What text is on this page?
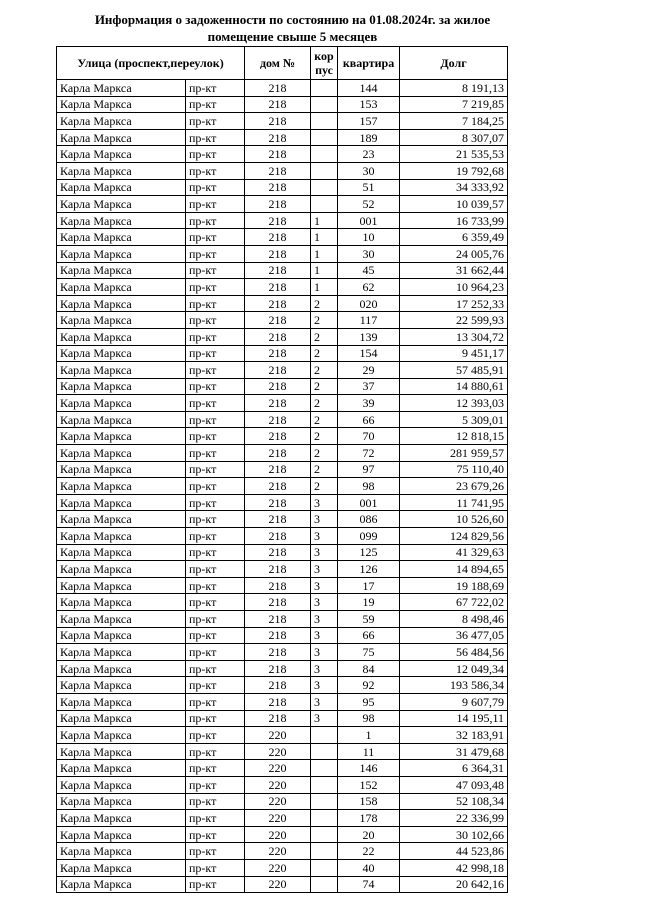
Информация о задоженности по состоянию на 01.08.2024г. за жилое
помещение свыше 5 месяцев
Улица (проспект,переулок)		дом №	кор
пус	квартира	Долг
Карла Маркса	пр-кт	218		144	8 191,13
Карла Маркса	пр-кт	218		153	7 219,85
Карла Маркса	пр-кт	218		157	7 184,25
Карла Маркса	пр-кт	218		189	8 307,07
Карла Маркса	пр-кт	218		23	21 535,53
Карла Маркса	пр-кт	218		30	19 792,68
Карла Маркса	пр-кт	218		51	34 333,92
Карла Маркса	пр-кт	218		52	10 039,57
Карла Маркса	пр-кт	218	1	001	16 733,99
Карла Маркса	пр-кт	218	1	10	6 359,49
Карла Маркса	пр-кт	218	1	30	24 005,76
Карла Маркса	пр-кт	218	1	45	31 662,44
Карла Маркса	пр-кт	218	1	62	10 964,23
Карла Маркса	пр-кт	218	2	020	17 252,33
Карла Маркса	пр-кт	218	2	117	22 599,93
Карла Маркса	пр-кт	218	2	139	13 304,72
Карла Маркса	пр-кт	218	2	154	9 451,17
Карла Маркса	пр-кт	218	2	29	57 485,91
Карла Маркса	пр-кт	218	2	37	14 880,61
Карла Маркса	пр-кт	218	2	39	12 393,03
Карла Маркса	пр-кт	218	2	66	5 309,01
Карла Маркса	пр-кт	218	2	70	12 818,15
Карла Маркса	пр-кт	218	2	72	281 959,57
Карла Маркса	пр-кт	218	2	97	75 110,40
Карла Маркса	пр-кт	218	2	98	23 679,26
Карла Маркса	пр-кт	218	3	001	11 741,95
Карла Маркса	пр-кт	218	3	086	10 526,60
Карла Маркса	пр-кт	218	3	099	124 829,56
Карла Маркса	пр-кт	218	3	125	41 329,63
Карла Маркса	пр-кт	218	3	126	14 894,65
Карла Маркса	пр-кт	218	3	17	19 188,69
Карла Маркса	пр-кт	218	3	19	67 722,02
Карла Маркса	пр-кт	218	3	59	8 498,46
Карла Маркса	пр-кт	218	3	66	36 477,05
Карла Маркса	пр-кт	218	3	75	56 484,56
Карла Маркса	пр-кт	218	3	84	12 049,34
Карла Маркса	пр-кт	218	3	92	193 586,34
Карла Маркса	пр-кт	218	3	95	9 607,79
Карла Маркса	пр-кт	218	3	98	14 195,11
Карла Маркса	пр-кт	220		1	32 183,91
Карла Маркса	пр-кт	220		11	31 479,68
Карла Маркса	пр-кт	220		146	6 364,31
Карла Маркса	пр-кт	220		152	47 093,48
Карла Маркса	пр-кт	220		158	52 108,34
Карла Маркса	пр-кт	220		178	22 336,99
Карла Маркса	пр-кт	220		20	30 102,66
Карла Маркса	пр-кт	220		22	44 523,86
Карла Маркса	пр-кт	220		40	42 998,18
Карла Маркса	пр-кт	220		74	20 642,16
